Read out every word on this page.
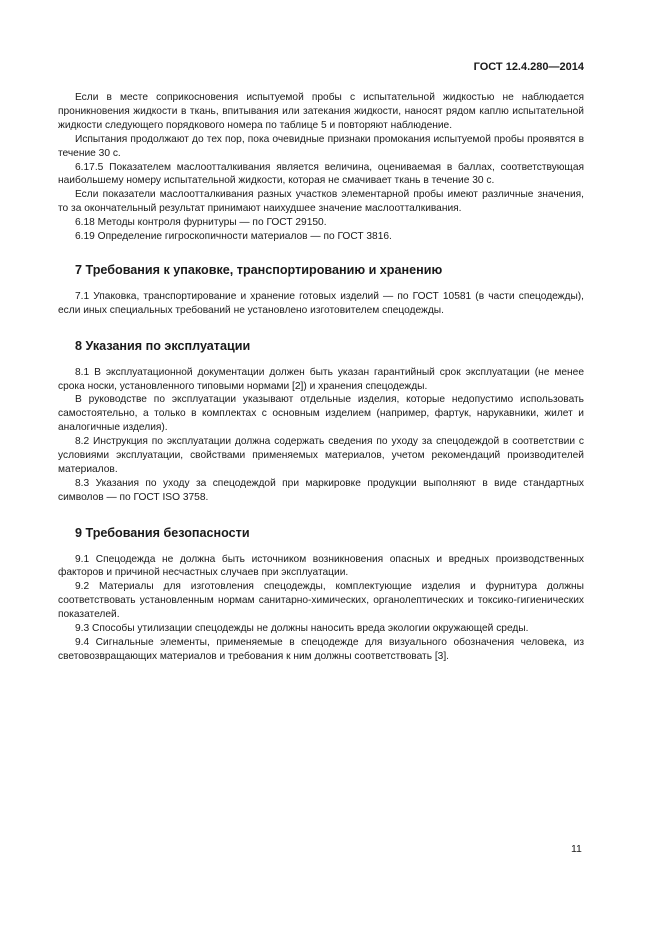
ГОСТ 12.4.280—2014

Если в месте соприкосновения испытуемой пробы с испытательной жидкостью не наблюдается проникновения жидкости в ткань, впитывания или затекания жидкости, наносят рядом каплю испытательной жидкости следующего порядкового номера по таблице 5 и повторяют наблюдение.

Испытания продолжают до тех пор, пока очевидные признаки промокания испытуемой пробы проявятся в течение 30 с.

6.17.5 Показателем маслоотталкивания является величина, оцениваемая в баллах, соответствующая наибольшему номеру испытательной жидкости, которая не смачивает ткань в течение 30 с.

Если показатели маслоотталкивания разных участков элементарной пробы имеют различные значения, то за окончательный результат принимают наихудшее значение маслоотталкивания.

6.18 Методы контроля фурнитуры — по ГОСТ 29150.

6.19 Определение гигроскопичности материалов — по ГОСТ 3816.

7 Требования к упаковке, транспортированию и хранению

7.1 Упаковка, транспортирование и хранение готовых изделий — по ГОСТ 10581 (в части спецодежды), если иных специальных требований не установлено изготовителем спецодежды.

8 Указания по эксплуатации

8.1 В эксплуатационной документации должен быть указан гарантийный срок эксплуатации (не менее срока носки, установленного типовыми нормами [2]) и хранения спецодежды.

В руководстве по эксплуатации указывают отдельные изделия, которые недопустимо использовать самостоятельно, а только в комплектах с основным изделием (например, фартук, нарукавники, жилет и аналогичные изделия).

8.2 Инструкция по эксплуатации должна содержать сведения по уходу за спецодеждой в соответствии с условиями эксплуатации, свойствами применяемых материалов, учетом рекомендаций производителей материалов.

8.3 Указания по уходу за спецодеждой при маркировке продукции выполняют в виде стандартных символов — по ГОСТ ISO 3758.

9 Требования безопасности

9.1 Спецодежда не должна быть источником возникновения опасных и вредных производственных факторов и причиной несчастных случаев при эксплуатации.

9.2 Материалы для изготовления спецодежды, комплектующие изделия и фурнитура должны соответствовать установленным нормам санитарно-химических, органолептических и токсико-гигиенических показателей.

9.3 Способы утилизации спецодежды не должны наносить вреда экологии окружающей среды.

9.4 Сигнальные элементы, применяемые в спецодежде для визуального обозначения человека, из световозвращающих материалов и требования к ним должны соответствовать [3].

11
